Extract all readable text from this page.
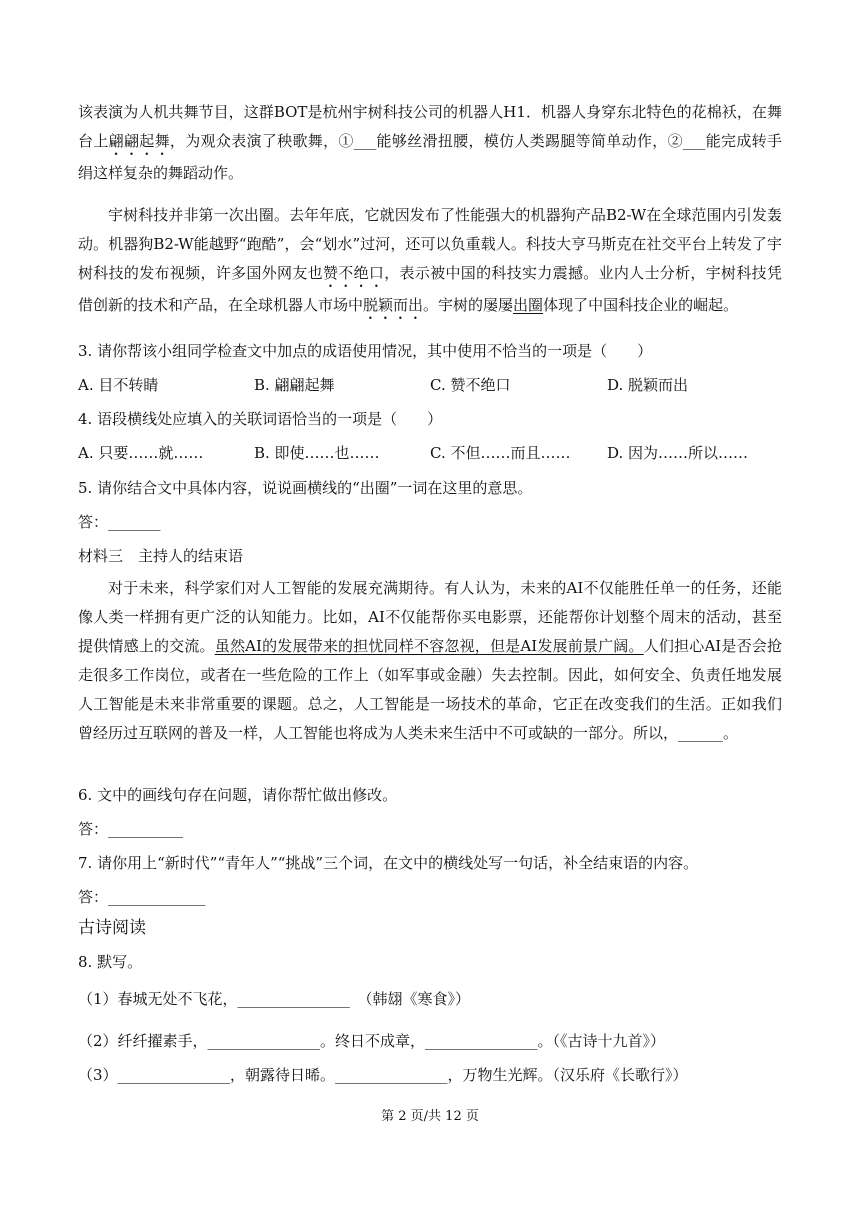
该表演为人机共舞节目，这群BOT是杭州宇树科技公司的机器人H1．机器人身穿东北特色的花棉袄，在舞台上翩翩起舞，为观众表演了秧歌舞，①___能够丝滑扭腰，模仿人类踢腿等简单动作，②___能完成转手绢这样复杂的舞蹈动作。
宇树科技并非第一次出圈。去年年底，它就因发布了性能强大的机器狗产品B2-W在全球范围内引发轰动。机器狗B2-W能越野“跑酷”，会“划水”过河，还可以负重载人。科技大亨马斯克在社交平台上转发了宇树科技的发布视频，许多国外网友也赞不绝口，表示被中国的科技实力震撼。业内人士分析，宇树科技凭借创新的技术和产品，在全球机器人市场中脱颖而出。宇树的屡屡出圈体现了中国科技企业的崛起。
3. 请你帮该小组同学检查文中加点的成语使用情况，其中使用不恰当的一项是（　　）
A. 目不转睛	B. 翩翩起舞	C. 赞不绝口	D. 脱颖而出
4. 语段横线处应填入的关联词语恰当的一项是（　　）
A. 只要……就……	B. 即使……也……	C. 不但……而且…… D. 因为……所以……
5. 请你结合文中具体内容，说说画横线的“出圈”一词在这里的意思。
答：_______
材料三　主持人的结束语
对于未来，科学家们对人工智能的发展充满期待。有人认为，未来的AI不仅能胜任单一的任务，还能像人类一样拥有更广泛的认知能力。比如，AI不仅能帮你买电影票，还能帮你计划整个周末的活动，甚至提供情感上的交流。虽然AI的发展带来的担忧同样不容忽视，但是AI发展前景广阔。人们担心AI是否会抢走很多工作岗位，或者在一些危险的工作上（如军事或金融）失去控制。因此，如何安全、负责任地发展人工智能是未来非常重要的课题。总之，人工智能是一场技术的革命，它正在改变我们的生活。正如我们曾经历过互联网的普及一样，人工智能也将成为人类未来生活中不可或缺的一部分。所以，______。
6. 文中的画线句存在问题，请你帮忙做出修改。
答：__________
7. 请你用上“新时代”“青年人”“挑战”三个词，在文中的横线处写一句话，补全结束语的内容。
答：_____________
古诗阅读
8. 默写。
（1）春城无处不飞花，_______________　（韩翃《寒食》）
（2）纤纤擢素手，_______________。终日不成章，_______________。（《古诗十九首》）
（3）_______________，朝露待日晞。_______________，万物生光辉。（汉乐府《长歌行》）
第 2 页/共 12 页
